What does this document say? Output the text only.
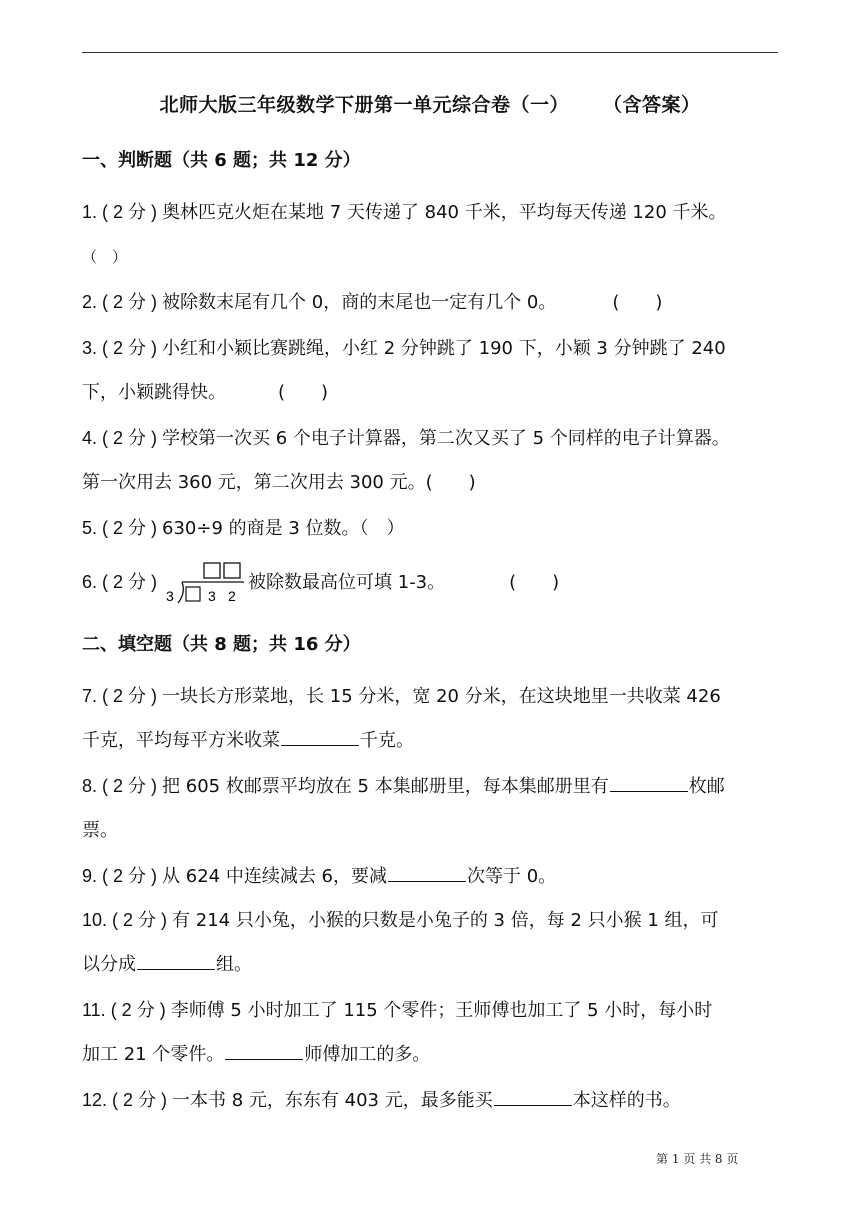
北师大版三年级数学下册第一单元综合卷（一） （含答案）
一、判断题（共 6 题；共 12 分）
1. ( 2 分 ) 奥林匹克火炬在某地 7 天传递了 840 千米，平均每天传递 120 千米。
（　）
2. ( 2 分 ) 被除数末尾有几个 0，商的末尾也一定有几个 0。	(　　)
3. ( 2 分 ) 小红和小颖比赛跳绳，小红 2 分钟跳了 190 下，小颖 3 分钟跳了 240
下，小颖跳得快。	(　　)
4. ( 2 分 ) 学校第一次买 6 个电子计算器，第二次又买了 5 个同样的电子计算器。
第一次用去 360 元，第二次用去 300 元。(　　)
5. ( 2 分 ) 630÷9 的商是 3 位数。（　）
6. ( 2 分 )
3 3 2
被除数最高位可填 1-3。	(　　)
二、填空题（共 8 题；共 16 分）
7. ( 2 分 ) 一块长方形菜地，长 15 分米，宽 20 分米，在这块地里一共收菜 426
千克，平均每平方米收菜	千克。
8. ( 2 分 ) 把 605 枚邮票平均放在 5 本集邮册里，每本集邮册里有	枚邮
票。
9. ( 2 分 ) 从 624 中连续减去 6，要减	次等于 0。
10. ( 2 分 ) 有 214 只小兔，小猴的只数是小兔子的 3 倍，每 2 只小猴 1 组，可
以分成	组。
11. ( 2 分 ) 李师傅 5 小时加工了 115 个零件；王师傅也加工了 5 小时，每小时
加工 21 个零件。	师傅加工的多。
12. ( 2 分 ) 一本书 8 元，东东有 403 元，最多能买	本这样的书。
第 1 页 共 8 页
